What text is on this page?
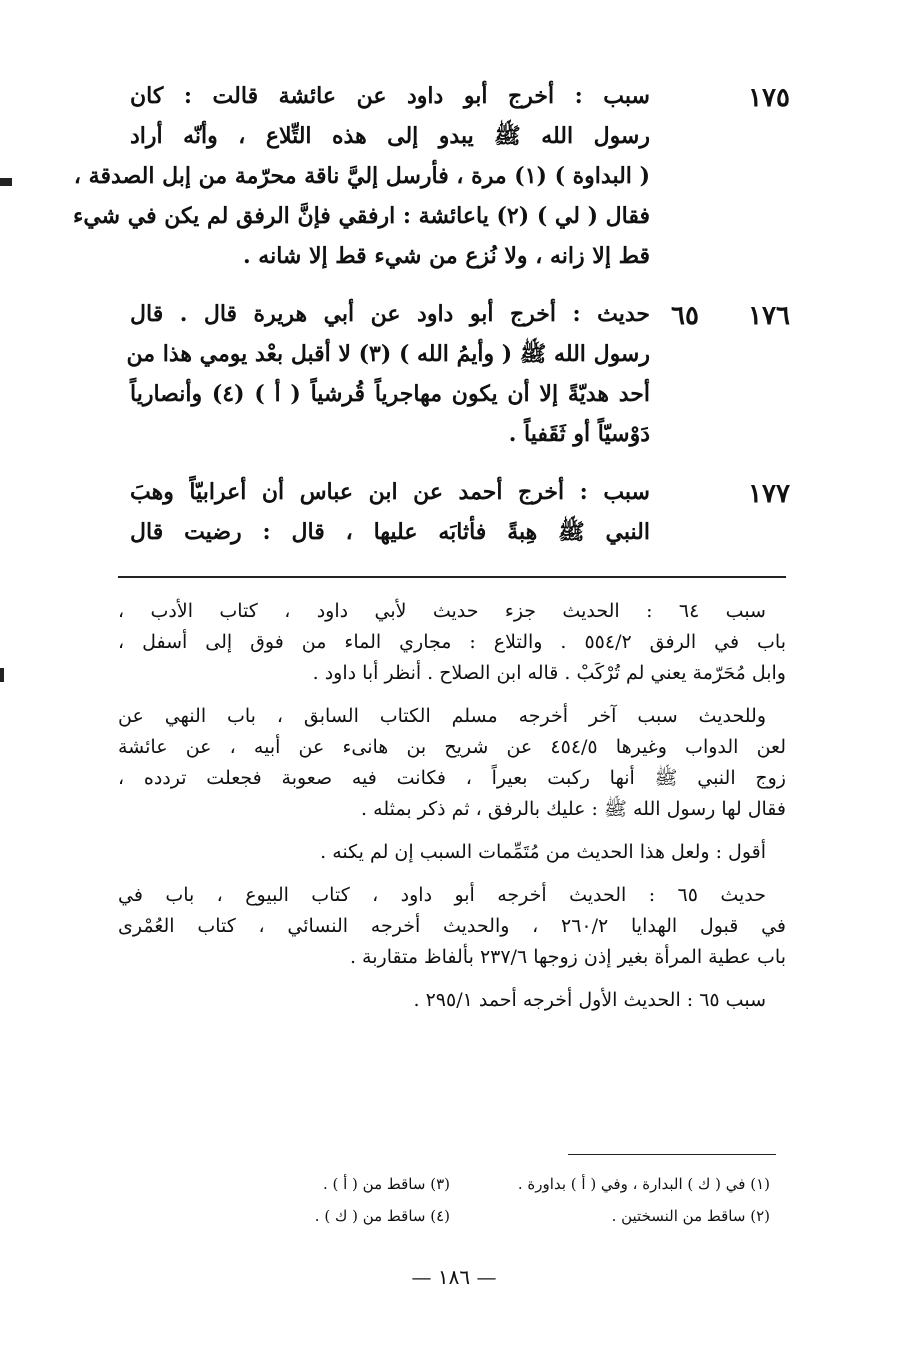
١٧٥
سبب : أخرج أبو داود عن عائشة قالت : كان
رسول الله ﷺ يبدو إلى هذه التِّلاع ، وأنّه أراد
( البداوة ) (١) مرة ، فأرسل إليَّ ناقة محرّمة من إبل الصدقة ،
فقال ( لي ) (٢) ياعائشة : ارفقي فإنَّ الرفق لم يكن في شيء
قط إلا زانه ، ولا نُزع من شيء قط إلا شانه .
١٧٦
٦٥
حديث : أخرج أبو داود عن أبي هريرة قال . قال
رسول الله ﷺ ( وأيمُ الله ) (٣) لا أقبل بعْد يومي هذا من
أحد هديّةً إلا أن يكون مهاجرياً قُرشياً ( أ ) (٤) وأنصارياً
دَوْسيّاً أو ثَقَفياً .
١٧٧
سبب : أخرج أحمد عن ابن عباس أن أعرابيّاً وهبَ
النبي ﷺ هِبةً فأثابَه عليها ، قال : رضيت قال
سبب ٦٤ : الحديث جزء حديث لأبي داود ، كتاب الأدب ،
باب في الرفق ٥٥٤/٢ . والتلاع : مجاري الماء من فوق إلى أسفل ،
وابل مُحَرّمة يعني لم تُرْكَبْ . قاله ابن الصلاح . أنظر أبا داود .
وللحديث سبب آخر أخرجه مسلم الكتاب السابق ، باب النهي عن
لعن الدواب وغيرها ٤٥٤/٥ عن شريح بن هانىء عن أبيه ، عن عائشة
زوج النبي ﷺ أنها ركبت بعيراً ، فكانت فيه صعوبة فجعلت تردده ،
فقال لها رسول الله ﷺ : عليك بالرفق ، ثم ذكر بمثله .
أقول : ولعل هذا الحديث من مُتَمِّمات السبب إن لم يكنه .
حديث ٦٥ : الحديث أخرجه أبو داود ، كتاب البيوع ، باب في
في قبول الهدايا ٢٦٠/٢ ، والحديث أخرجه النسائي ، كتاب العُمْرى
باب عطية المرأة بغير إذن زوجها ٢٣٧/٦ بألفاظ متقاربة .
سبب ٦٥ : الحديث الأول أخرجه أحمد ٢٩٥/١ .
(١) في ( ك ) البدارة ، وفي ( أ ) بداورة .
(٣) ساقط من ( أ ) .
(٢) ساقط من النسختين .
(٤) ساقط من ( ك ) .
— ١٨٦ —
